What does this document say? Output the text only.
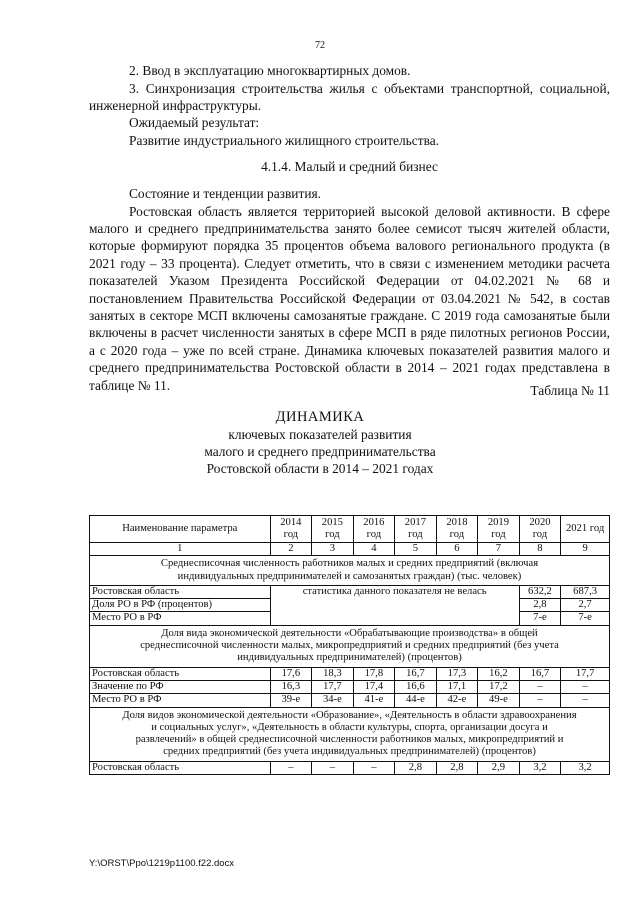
72

2. Ввод в эксплуатацию многоквартирных домов.

3. Синхронизация строительства жилья с объектами транспортной, социальной, инженерной инфраструктуры.

Ожидаемый результат:

Развитие индустриального жилищного строительства.

4.1.4. Малый и средний бизнес

Состояние и тенденции развития.

Ростовская область является территорией высокой деловой активности. В сфере малого и среднего предпринимательства занято более семисот тысяч жителей области, которые формируют порядка 35 процентов объема валового регионального продукта (в 2021 году – 33 процента). Следует отметить, что в связи с изменением методики расчета показателей Указом Президента Российской Федерации от 04.02.2021 № 68 и постановлением Правительства Российской Федерации от 03.04.2021 № 542, в состав занятых в секторе МСП включены самозанятые граждане. С 2019 года самозанятые были включены в расчет численности занятых в сфере МСП в ряде пилотных регионов России, а с 2020 года – уже по всей стране. Динамика ключевых показателей развития малого и среднего предпринимательства Ростовской области в 2014 – 2021 годах представлена в таблице № 11.	Таблица № 11

ДИНАМИКА
ключевых показателей развития
малого и среднего предпринимательства
Ростовской области в 2014 – 2021 годах
Наименование параметра	2014 год	2015 год	2016 год	2017 год	2018 год	2019 год	2020 год	2021 год
1	2	3	4	5	6	7	8	9
Среднесписочная численность работников малых и средних предприятий (включая индивидуальных предпринимателей и самозанятых граждан) (тыс. человек)								
Ростовская область	статистика данного показателя не велась						632,2	687,3
Доля РО в РФ (процентов)							2,8	2,7
Место РО в РФ							7-е	7-е
Доля вида экономической деятельности «Обрабатывающие производства» в общей среднесписочной численности малых, микропредприятий и средних предприятий (без учета индивидуальных предпринимателей) (процентов)								
Ростовская область	17,6	18,3	17,8	16,7	17,3	16,2	16,7	17,7
Значение по РФ	16,3	17,7	17,4	16,6	17,1	17,2	–	–
Место РО в РФ	39-е	34-е	41-е	44-е	42-е	49-е	–	–
Доля видов экономической деятельности «Образование», «Деятельность в области здравоохранения и социальных услуг», «Деятельность в области культуры, спорта, организации досуга и развлечений» в общей среднесписочной численности работников малых, микропредприятий и средних предприятий (без учета индивидуальных предпринимателей) (процентов)								
Ростовская область	–	–	–	2,8	2,8	2,9	3,2	3,2
Y:\ORST\Ppo\1219p1100.f22.docx
